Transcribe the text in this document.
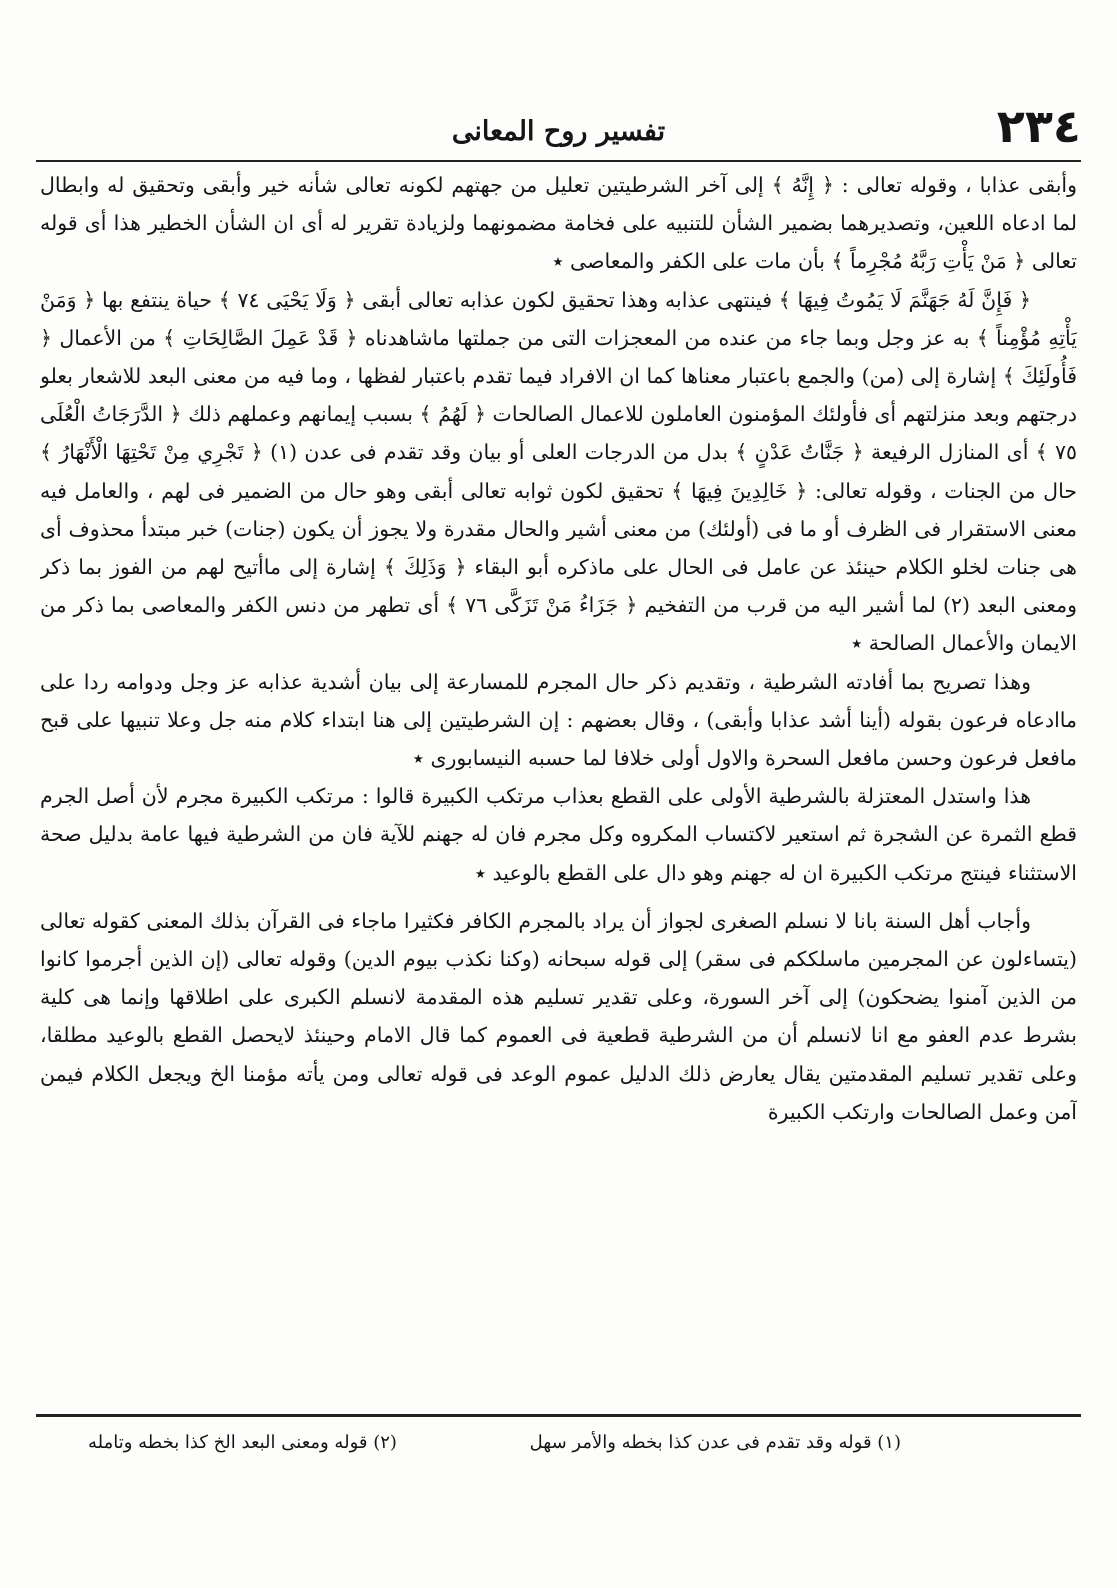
٢٣٤
تفسير روح المعانى

وأبقى عذابا ، وقوله تعالى : ﴿ إِنَّهُ ﴾ إلى آخر الشرطيتين تعليل من جهتهم لكونه تعالى شأنه خير وأبقى وتحقيق له وابطال لما ادعاه اللعين، وتصديرهما بضمير الشأن للتنبيه على فخامة مضمونهما ولزيادة تقرير له أى ان الشأن الخطير هذا أى قوله تعالى ﴿ مَنْ يَأْتِ رَبَّهُ مُجْرِماً ﴾ بأن مات على الكفر والمعاصى ٭

﴿ فَإِنَّ لَهُ جَهَنَّمَ لَا يَمُوتُ فِيهَا ﴾ فينتهى عذابه وهذا تحقيق لكون عذابه تعالى أبقى ﴿ وَلَا يَحْيَى ٧٤ ﴾ حياة ينتفع بها ﴿ وَمَنْ يَأْتِهِ مُؤْمِناً ﴾ به عز وجل وبما جاء من عنده من المعجزات التى من جملتها ماشاهدناه ﴿ قَدْ عَمِلَ الصَّالِحَاتِ ﴾ من الأعمال ﴿ فَأُولَئِكَ ﴾ إشارة إلى (من) والجمع باعتبار معناها كما ان الافراد فيما تقدم باعتبار لفظها ، وما فيه من معنى البعد للاشعار بعلو درجتهم وبعد منزلتهم أى فأولئك المؤمنون العاملون للاعمال الصالحات ﴿ لَهُمُ ﴾ بسبب إيمانهم وعملهم ذلك ﴿ الدَّرَجَاتُ الْعُلَى ٧٥ ﴾ أى المنازل الرفيعة ﴿ جَنَّاتُ عَدْنٍ ﴾ بدل من الدرجات العلى أو بيان وقد تقدم فى عدن (١) ﴿ تَجْرِي مِنْ تَحْتِهَا الْأَنْهَارُ ﴾ حال من الجنات ، وقوله تعالى: ﴿ خَالِدِينَ فِيهَا ﴾ تحقيق لكون ثوابه تعالى أبقى وهو حال من الضمير فى لهم ، والعامل فيه معنى الاستقرار فى الظرف أو ما فى (أولئك) من معنى أشير والحال مقدرة ولا يجوز أن يكون (جنات) خبر مبتدأ محذوف أى هى جنات لخلو الكلام حينئذ عن عامل فى الحال على ماذكره أبو البقاء ﴿ وَذَلِكَ ﴾ إشارة إلى ماأتيح لهم من الفوز بما ذكر ومعنى البعد (٢) لما أشير اليه من قرب من التفخيم ﴿ جَزَاءُ مَنْ تَزَكَّى ٧٦ ﴾ أى تطهر من دنس الكفر والمعاصى بما ذكر من الايمان والأعمال الصالحة ٭

وهذا تصريح بما أفادته الشرطية ، وتقديم ذكر حال المجرم للمسارعة إلى بيان أشدية عذابه عز وجل ودوامه ردا على ماادعاه فرعون بقوله (أينا أشد عذابا وأبقى) ، وقال بعضهم : إن الشرطيتين إلى هنا ابتداء كلام منه جل وعلا تنبيها على قبح مافعل فرعون وحسن مافعل السحرة والاول أولى خلافا لما حسبه النيسابورى ٭

هذا واستدل المعتزلة بالشرطية الأولى على القطع بعذاب مرتكب الكبيرة قالوا : مرتكب الكبيرة مجرم لأن أصل الجرم قطع الثمرة عن الشجرة ثم استعير لاكتساب المكروه وكل مجرم فان له جهنم للآية فان من الشرطية فيها عامة بدليل صحة الاستثناء فينتج مرتكب الكبيرة ان له جهنم وهو دال على القطع بالوعيد ٭

وأجاب أهل السنة بانا لا نسلم الصغرى لجواز أن يراد بالمجرم الكافر فكثيرا ماجاء فى القرآن بذلك المعنى كقوله تعالى (يتساءلون عن المجرمين ماسلككم فى سقر) إلى قوله سبحانه (وكنا نكذب بيوم الدين) وقوله تعالى (إن الذين أجرموا كانوا من الذين آمنوا يضحكون) إلى آخر السورة، وعلى تقدير تسليم هذه المقدمة لانسلم الكبرى على اطلاقها وإنما هى كلية بشرط عدم العفو مع انا لانسلم أن من الشرطية قطعية فى العموم كما قال الامام وحينئذ لايحصل القطع بالوعيد مطلقا، وعلى تقدير تسليم المقدمتين يقال يعارض ذلك الدليل عموم الوعد فى قوله تعالى ومن يأته مؤمنا الخ ويجعل الكلام فيمن آمن وعمل الصالحات وارتكب الكبيرة

(١) قوله وقد تقدم فى عدن كذا بخطه والأمر سهل
(٢) قوله ومعنى البعد الخ كذا بخطه وتامله
